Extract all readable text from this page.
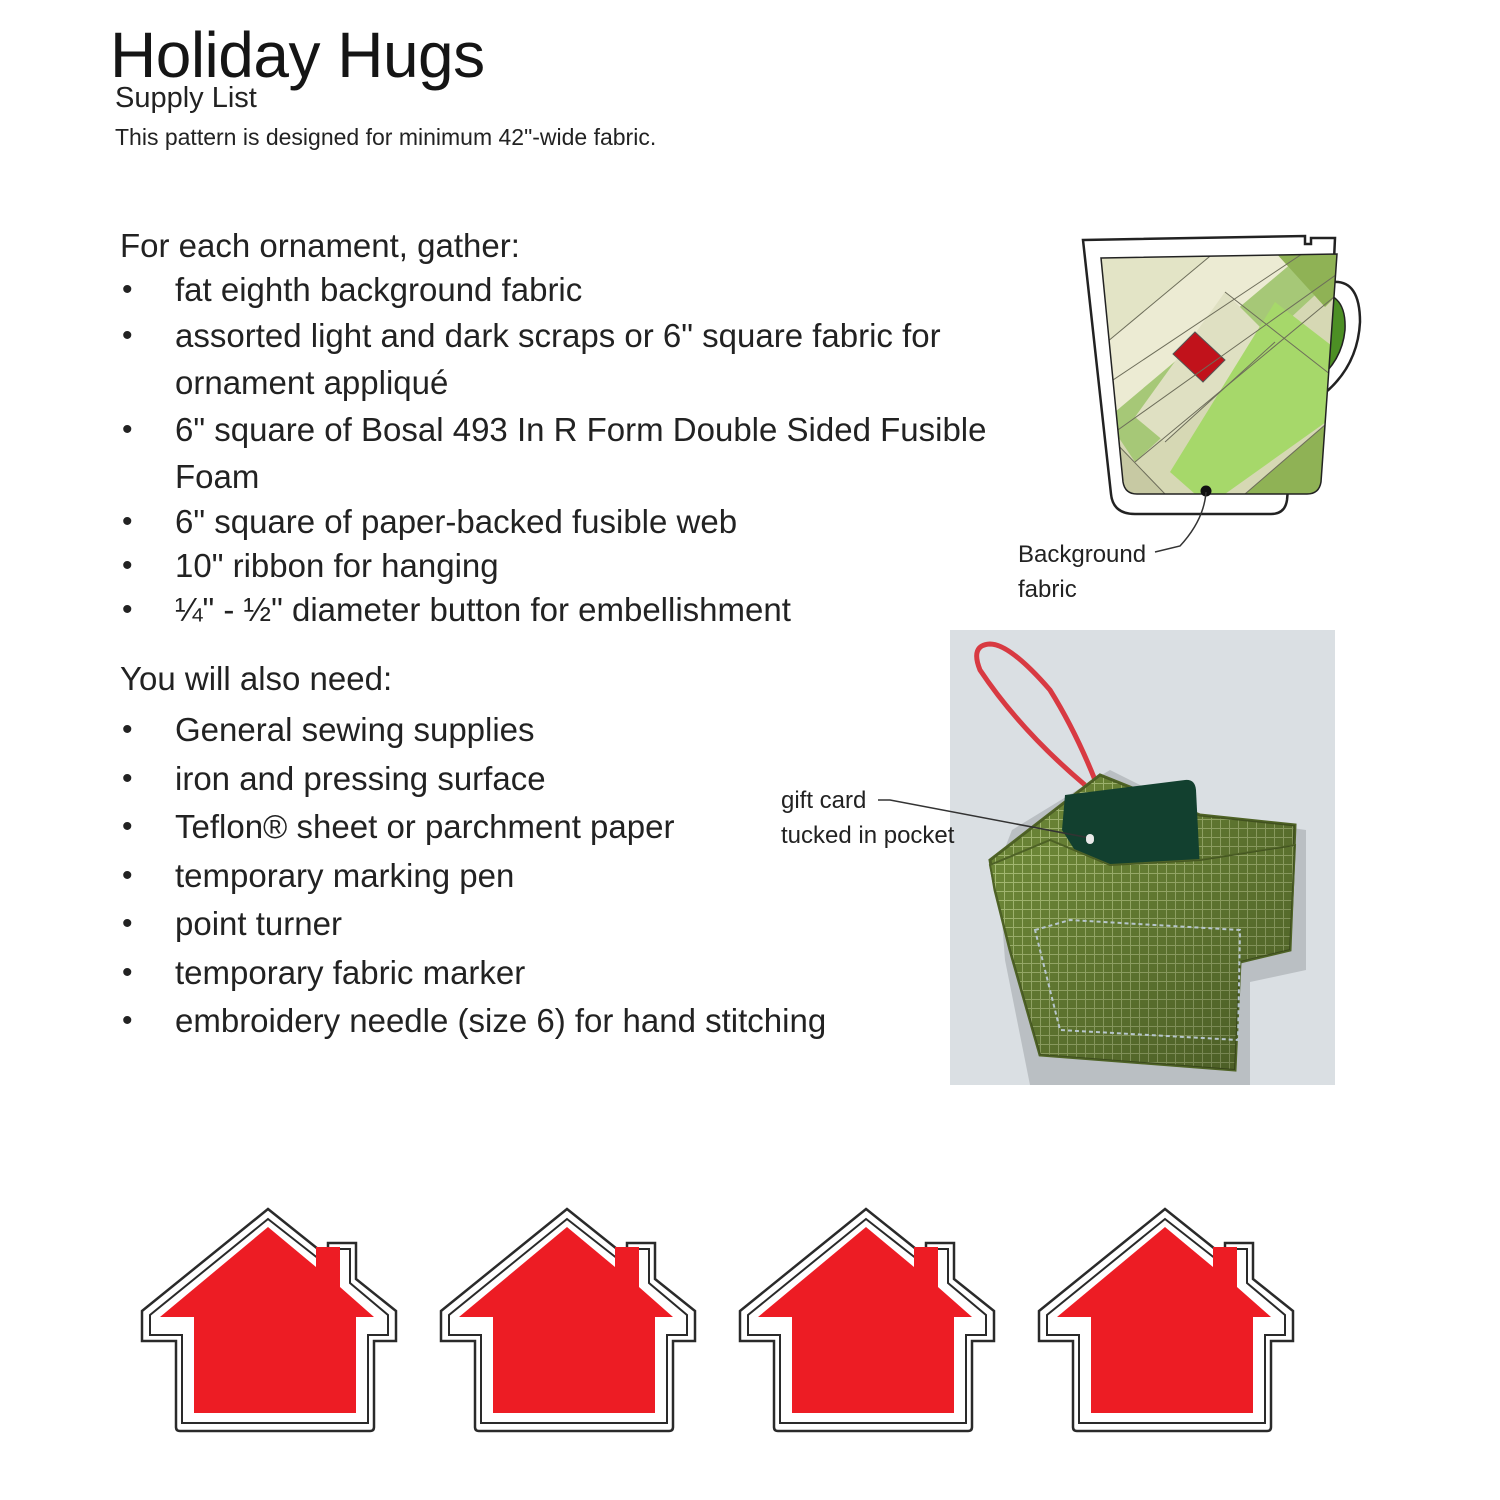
Holiday Hugs
Supply List
This pattern is designed for minimum 42"-wide fabric.
For each ornament, gather:
• fat eighth background fabric
• assorted light and dark scraps or 6" square fabric for ornament appliqué
• 6" square of Bosal 493 In R Form Double Sided Fusible Foam
• 6" square of paper-backed fusible web
• 10" ribbon for hanging
• ¼" - ½" diameter button for embellishment
You will also need:
• General sewing supplies
• iron and pressing surface
• Teflon® sheet or parchment paper
• temporary marking pen
• point turner
• temporary fabric marker
• embroidery needle (size 6) for hand stitching
Background
fabric
gift card
tucked in pocket
